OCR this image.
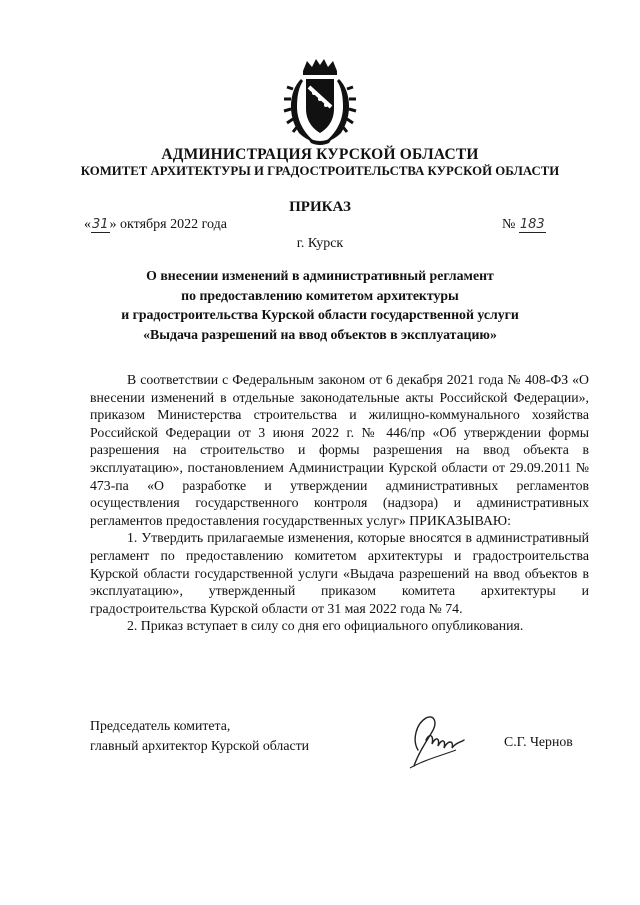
АДМИНИСТРАЦИЯ КУРСКОЙ ОБЛАСТИ
КОМИТЕТ АРХИТЕКТУРЫ И ГРАДОСТРОИТЕЛЬСТВА КУРСКОЙ ОБЛАСТИ
ПРИКАЗ
«31» октября 2022 года	№ 183
г. Курск
О внесении изменений в административный регламент
по предоставлению комитетом архитектуры
и градостроительства Курской области государственной услуги
«Выдача разрешений на ввод объектов в эксплуатацию»

В соответствии с Федеральным законом от 6 декабря 2021 года № 408-ФЗ «О внесении изменений в отдельные законодательные акты Российской Федерации», приказом Министерства строительства и жилищно-коммунального хозяйства Российской Федерации от 3 июня 2022 г. № 446/пр «Об утверждении формы разрешения на строительство и формы разрешения на ввод объекта в эксплуатацию», постановлением Администрации Курской области от 29.09.2011 № 473-па «О разработке и утверждении административных регламентов осуществления государственного контроля (надзора) и административных регламентов предоставления государственных услуг» ПРИКАЗЫВАЮ:

1. Утвердить прилагаемые изменения, которые вносятся в административный регламент по предоставлению комитетом архитектуры и градостроительства Курской области государственной услуги «Выдача разрешений на ввод объектов в эксплуатацию», утвержденный приказом комитета архитектуры и градостроительства Курской области от 31 мая 2022 года № 74.

2. Приказ вступает в силу со дня его официального опубликования.

Председатель комитета,
главный архитектор Курской области	С.Г. Чернов
